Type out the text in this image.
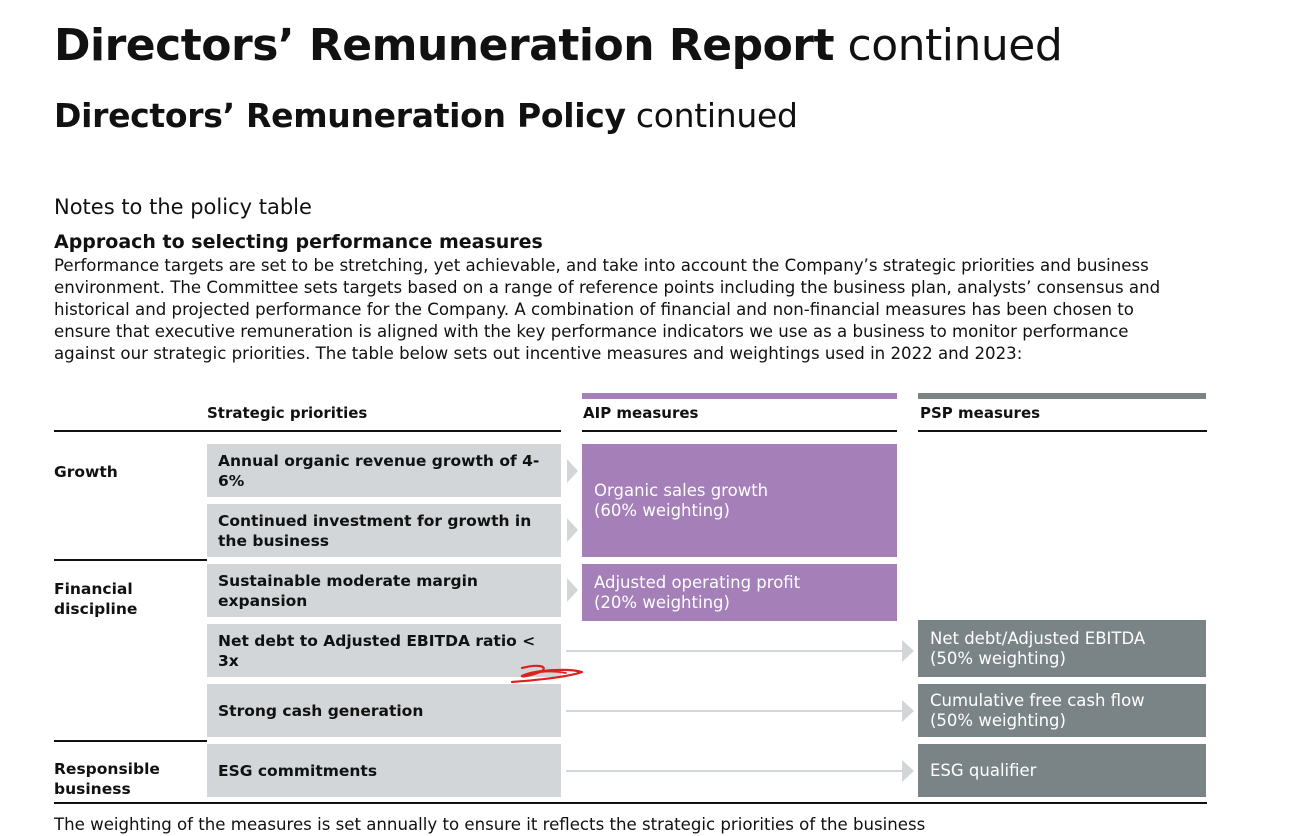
Directors’ Remuneration Report continued
Directors’ Remuneration Policy continued
Notes to the policy table
Approach to selecting performance measures

Performance targets are set to be stretching, yet achievable, and take into account the Company’s strategic priorities and business

environment. The Committee sets targets based on a range of reference points including the business plan, analysts’ consensus and

historical and projected performance for the Company. A combination of financial and non-financial measures has been chosen to

ensure that executive remuneration is aligned with the key performance indicators we use as a business to monitor performance

against our strategic priorities. The table below sets out incentive measures and weightings used in 2022 and 2023:

Strategic priorities	AIP measures	PSP measures
Growth
Financial
discipline
Responsible
business
Annual organic revenue growth of 4-6%
Continued investment for growth in
the business
Sustainable moderate margin expansion
Net debt to Adjusted EBITDA ratio < 3x
Strong cash generation
ESG commitments
Organic sales growth
(60% weighting)
Adjusted operating profit
(20% weighting)
Net debt/Adjusted EBITDA
(50% weighting)
Cumulative free cash flow
(50% weighting)
ESG qualifier
The weighting of the measures is set annually to ensure it reflects the strategic priorities of the business
